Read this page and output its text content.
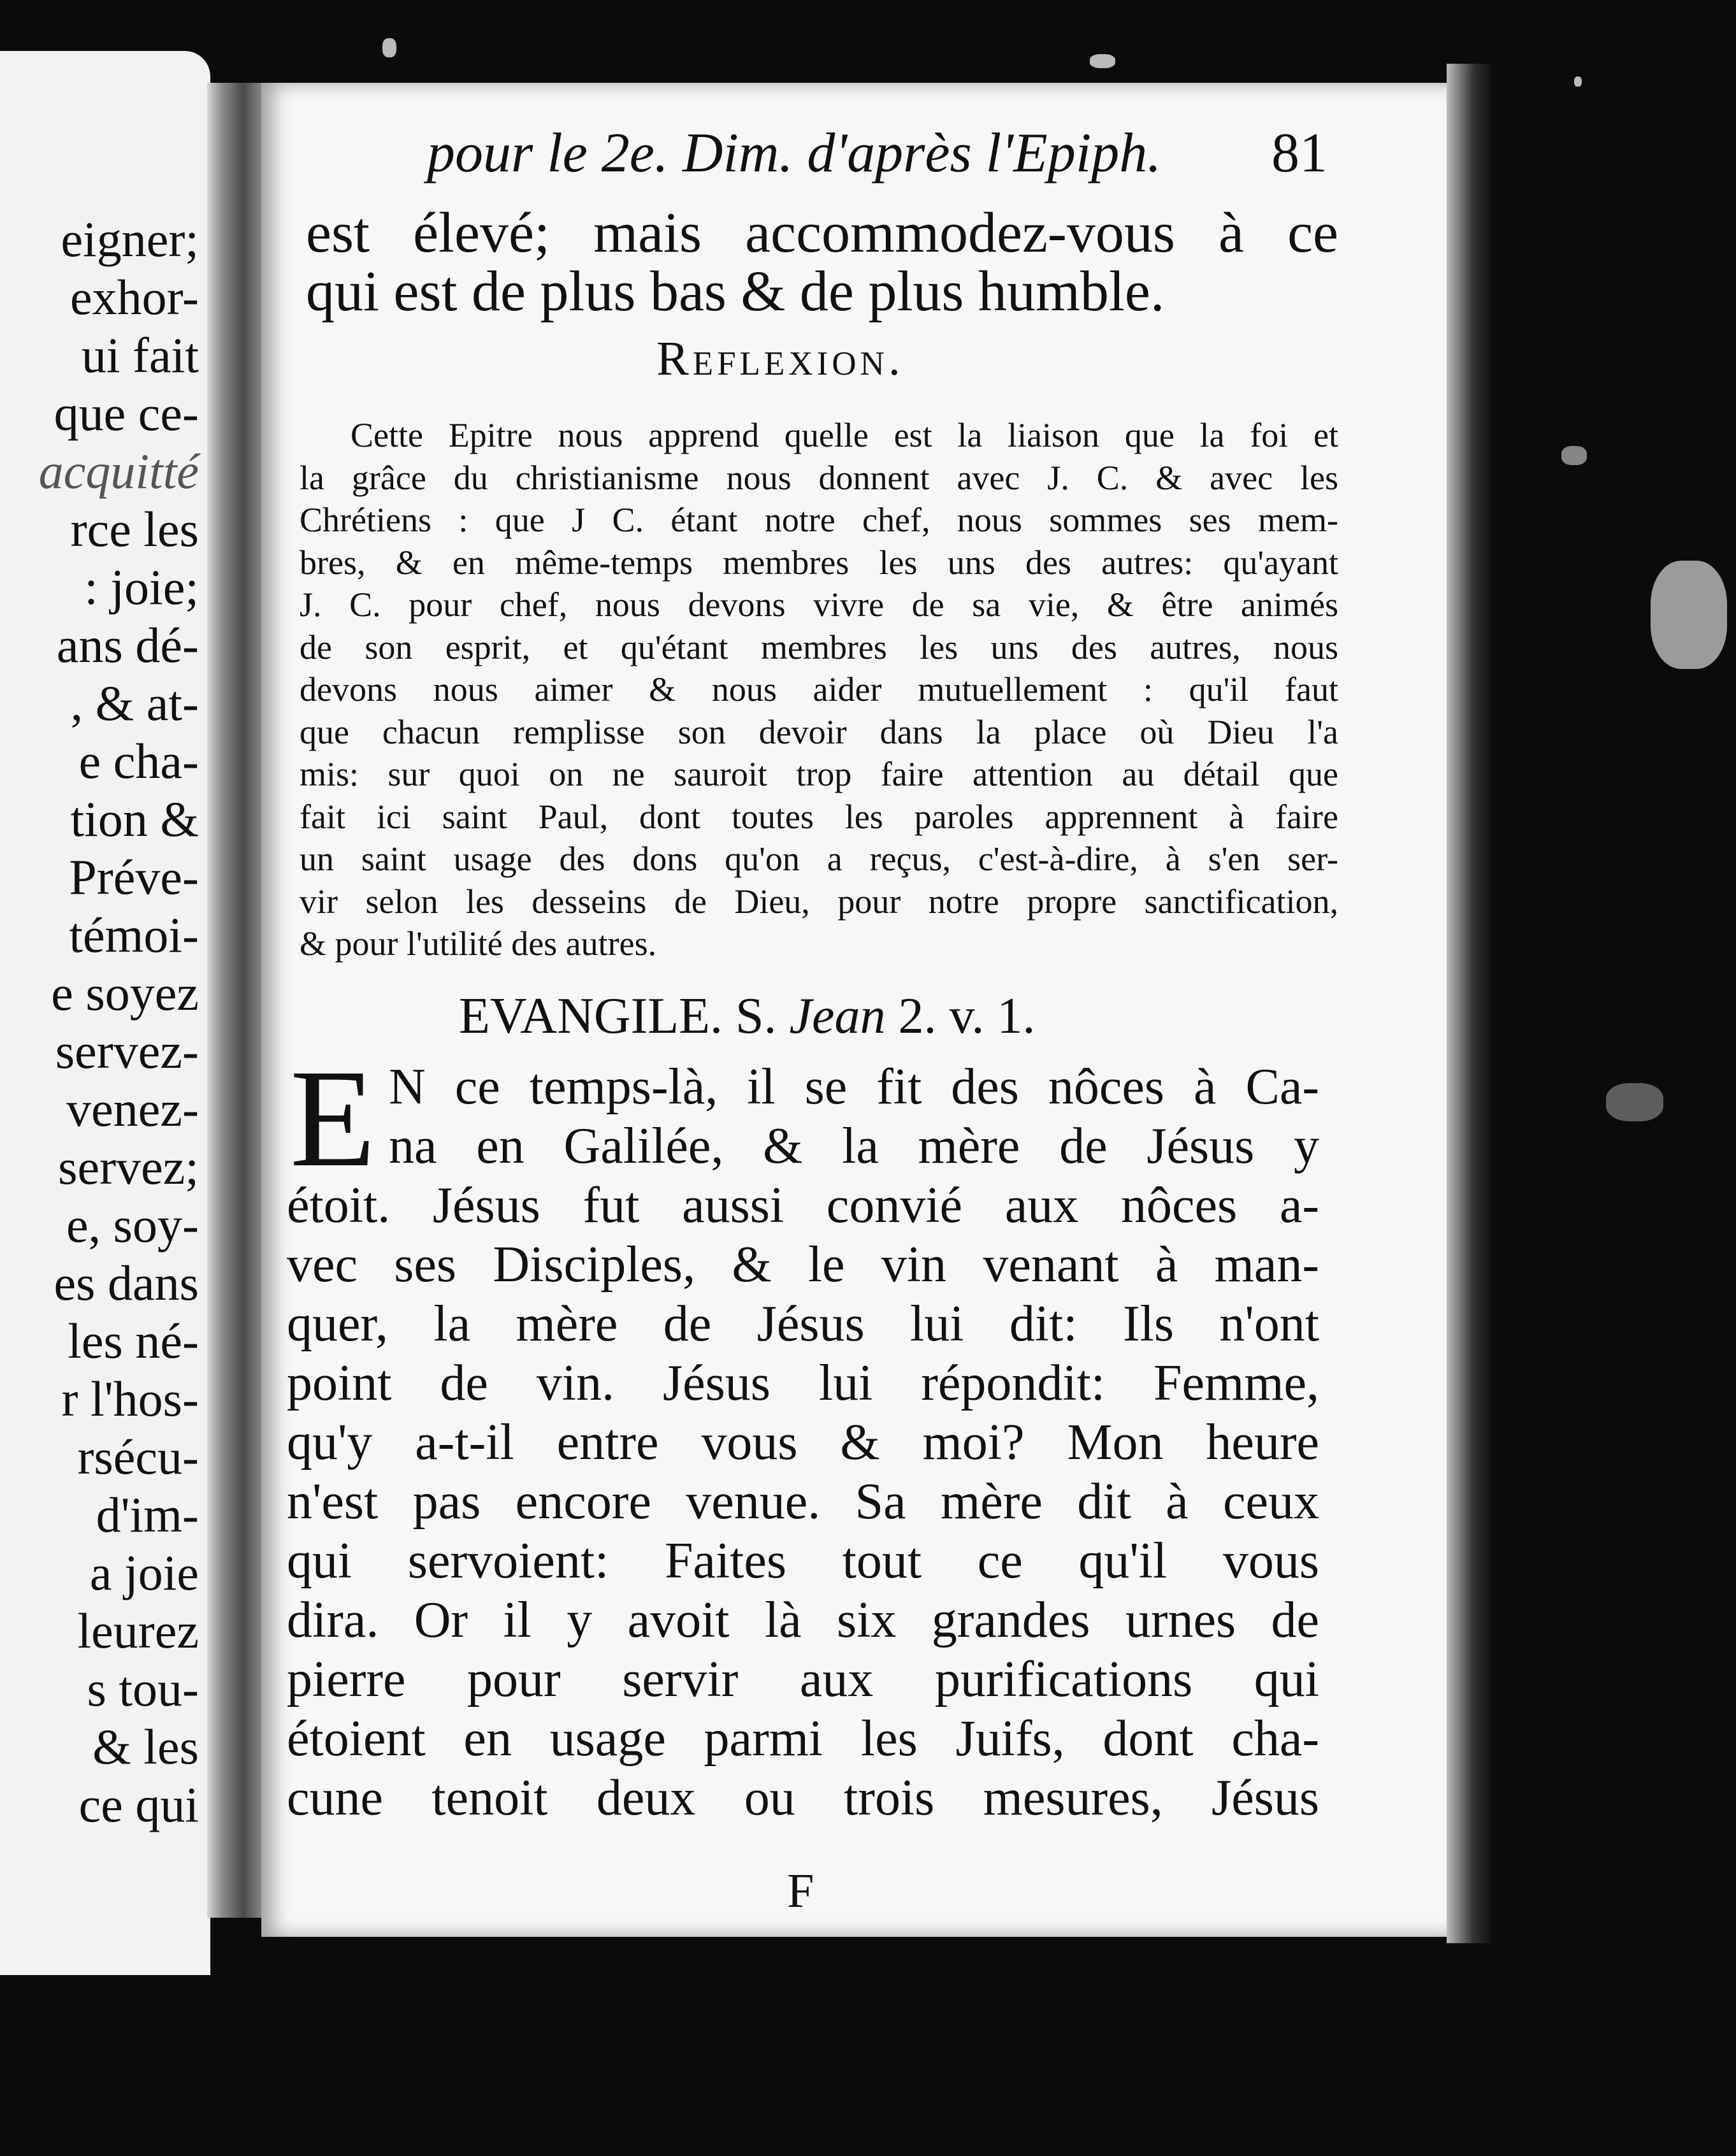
eigner;
exhor-
ui fait
que ce-
acquitté
rce les
: joie;
ans dé-
, & at-
e cha-
tion &
Préve-
témoi-
e soyez
servez-
venez-
servez;
e, soy-
es dans
les né-
r l'hos-
rsécu-
d'im-
a joie
leurez
s tou-
& les
ce qui
pour le 2e. Dim. d'après l'Epiph.	81
est élevé; mais accommodez-vous à ce
qui est de plus bas & de plus humble.
Reflexion.
Cette Epitre nous apprend quelle est la liaison que la foi et
la grâce du christianisme nous donnent avec J. C. & avec les
Chrétiens : que J C. étant notre chef, nous sommes ses mem-
bres, & en même-temps membres les uns des autres: qu'ayant
J. C. pour chef, nous devons vivre de sa vie, & être animés
de son esprit, et qu'étant membres les uns des autres, nous
devons nous aimer & nous aider mutuellement : qu'il faut
que chacun remplisse son devoir dans la place où Dieu l'a
mis: sur quoi on ne sauroit trop faire attention au détail que
fait ici saint Paul, dont toutes les paroles apprennent à faire
un saint usage des dons qu'on a reçus, c'est-à-dire, à s'en ser-
vir selon les desseins de Dieu, pour notre propre sanctification,
& pour l'utilité des autres.
EVANGILE. S. Jean 2. v. 1.
E N ce temps-là, il se fit des nôces à Ca-
na en Galilée, & la mère de Jésus y
étoit. Jésus fut aussi convié aux nôces a-
vec ses Disciples, & le vin venant à man-
quer, la mère de Jésus lui dit: Ils n'ont
point de vin. Jésus lui répondit: Femme,
qu'y a-t-il entre vous & moi? Mon heure
n'est pas encore venue. Sa mère dit à ceux
qui servoient: Faites tout ce qu'il vous
dira. Or il y avoit là six grandes urnes de
pierre pour servir aux purifications qui
étoient en usage parmi les Juifs, dont cha-
cune tenoit deux ou trois mesures, Jésus
F
